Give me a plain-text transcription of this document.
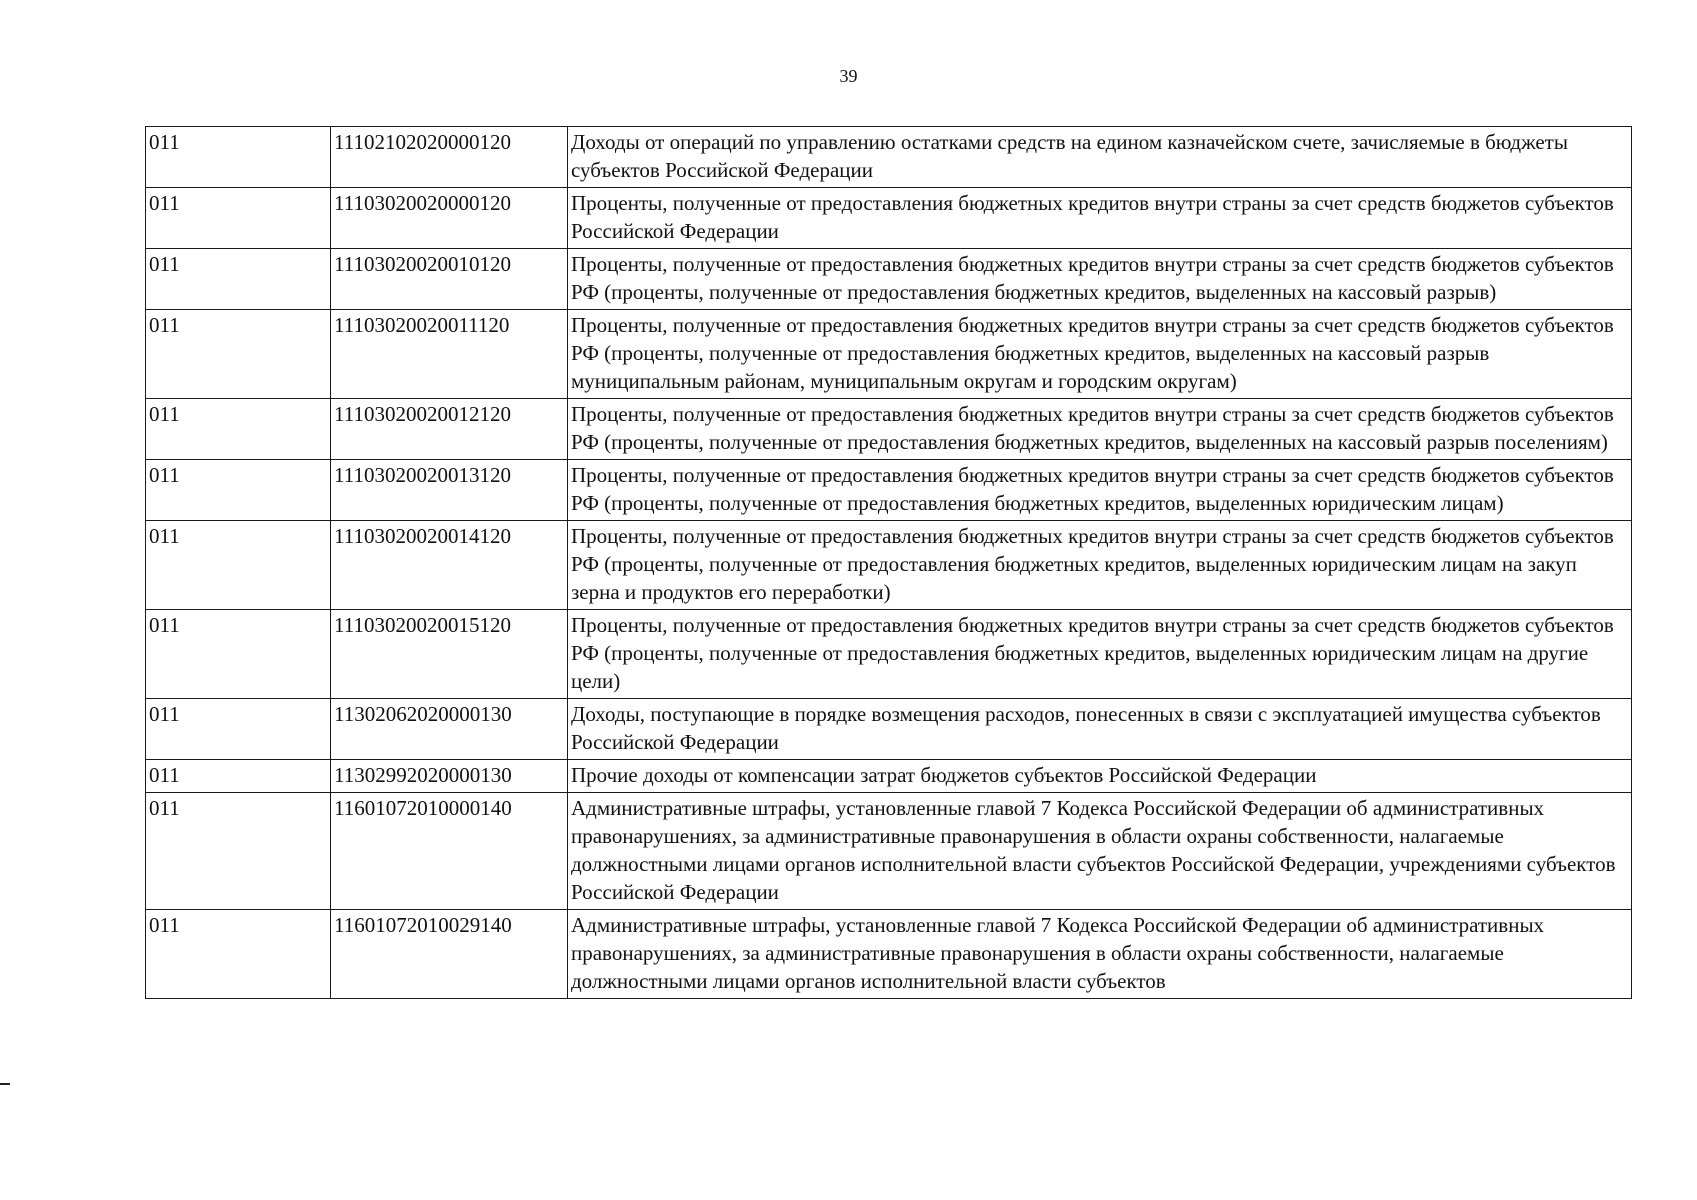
39
011	11102102020000120	Доходы от операций по управлению остатками средств на едином казначейском счете, зачисляемые в бюджеты субъектов Российской Федерации
011	11103020020000120	Проценты, полученные от предоставления бюджетных кредитов внутри страны за счет средств бюджетов субъектов Российской Федерации
011	11103020020010120	Проценты, полученные от предоставления бюджетных кредитов внутри страны за счет средств бюджетов субъектов РФ (проценты, полученные от предоставления бюджетных кредитов, выделенных на кассовый разрыв)
011	11103020020011120	Проценты, полученные от предоставления бюджетных кредитов внутри страны за счет средств бюджетов субъектов РФ (проценты, полученные от предоставления бюджетных кредитов, выделенных на кассовый разрыв муниципальным районам, муниципальным округам и городским округам)
011	11103020020012120	Проценты, полученные от предоставления бюджетных кредитов внутри страны за счет средств бюджетов субъектов РФ (проценты, полученные от предоставления бюджетных кредитов, выделенных на кассовый разрыв поселениям)
011	11103020020013120	Проценты, полученные от предоставления бюджетных кредитов внутри страны за счет средств бюджетов субъектов РФ (проценты, полученные от предоставления бюджетных кредитов, выделенных юридическим лицам)
011	11103020020014120	Проценты, полученные от предоставления бюджетных кредитов внутри страны за счет средств бюджетов субъектов РФ (проценты, полученные от предоставления бюджетных кредитов, выделенных юридическим лицам на закуп зерна и продуктов его переработки)
011	11103020020015120	Проценты, полученные от предоставления бюджетных кредитов внутри страны за счет средств бюджетов субъектов РФ (проценты, полученные от предоставления бюджетных кредитов, выделенных юридическим лицам на другие цели)
011	11302062020000130	Доходы, поступающие в порядке возмещения расходов, понесенных в связи с эксплуатацией имущества субъектов Российской Федерации
011	11302992020000130	Прочие доходы от компенсации затрат бюджетов субъектов Российской Федерации
011	11601072010000140	Административные штрафы, установленные главой 7 Кодекса Российской Федерации об административных правонарушениях, за административные правонарушения в области охраны собственности, налагаемые должностными лицами органов исполнительной власти субъектов Российской Федерации, учреждениями субъектов Российской Федерации
011	11601072010029140	Административные штрафы, установленные главой 7 Кодекса Российской Федерации об административных правонарушениях, за административные правонарушения в области охраны собственности, налагаемые должностными лицами органов исполнительной власти субъектов
